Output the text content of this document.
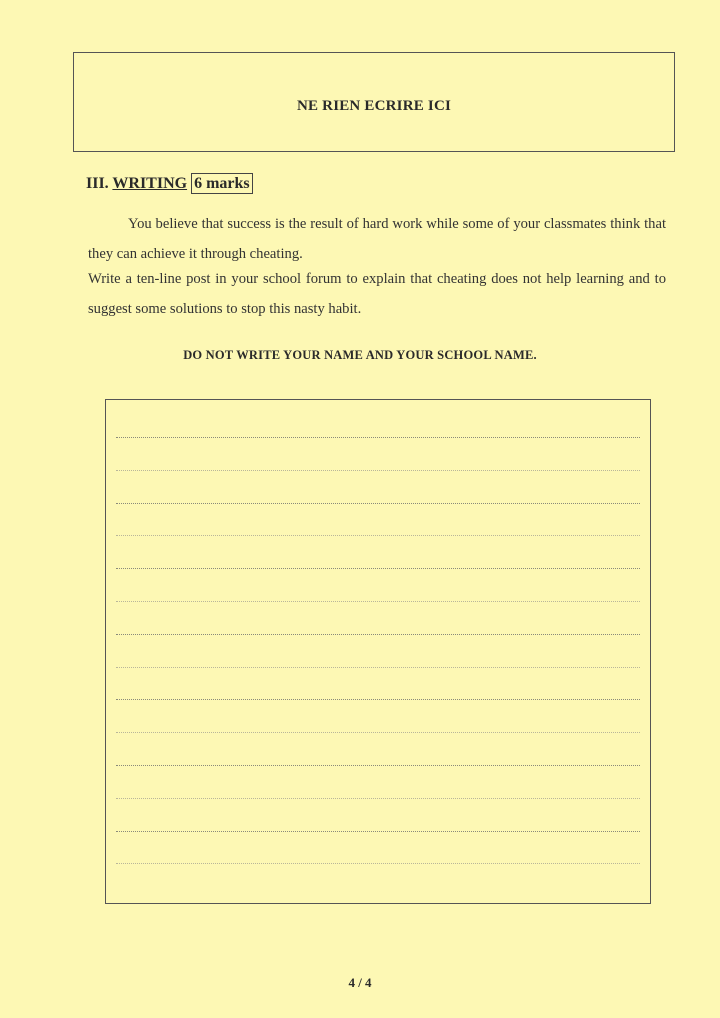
NE RIEN ECRIRE ICI
III. WRITING 6 marks

You believe that success is the result of hard work while some of your classmates think that they can achieve it through cheating.

Write a ten-line post in your school forum to explain that cheating does not help learning and to suggest some solutions to stop this nasty habit.

DO NOT WRITE YOUR NAME AND YOUR SCHOOL NAME.
4 / 4
